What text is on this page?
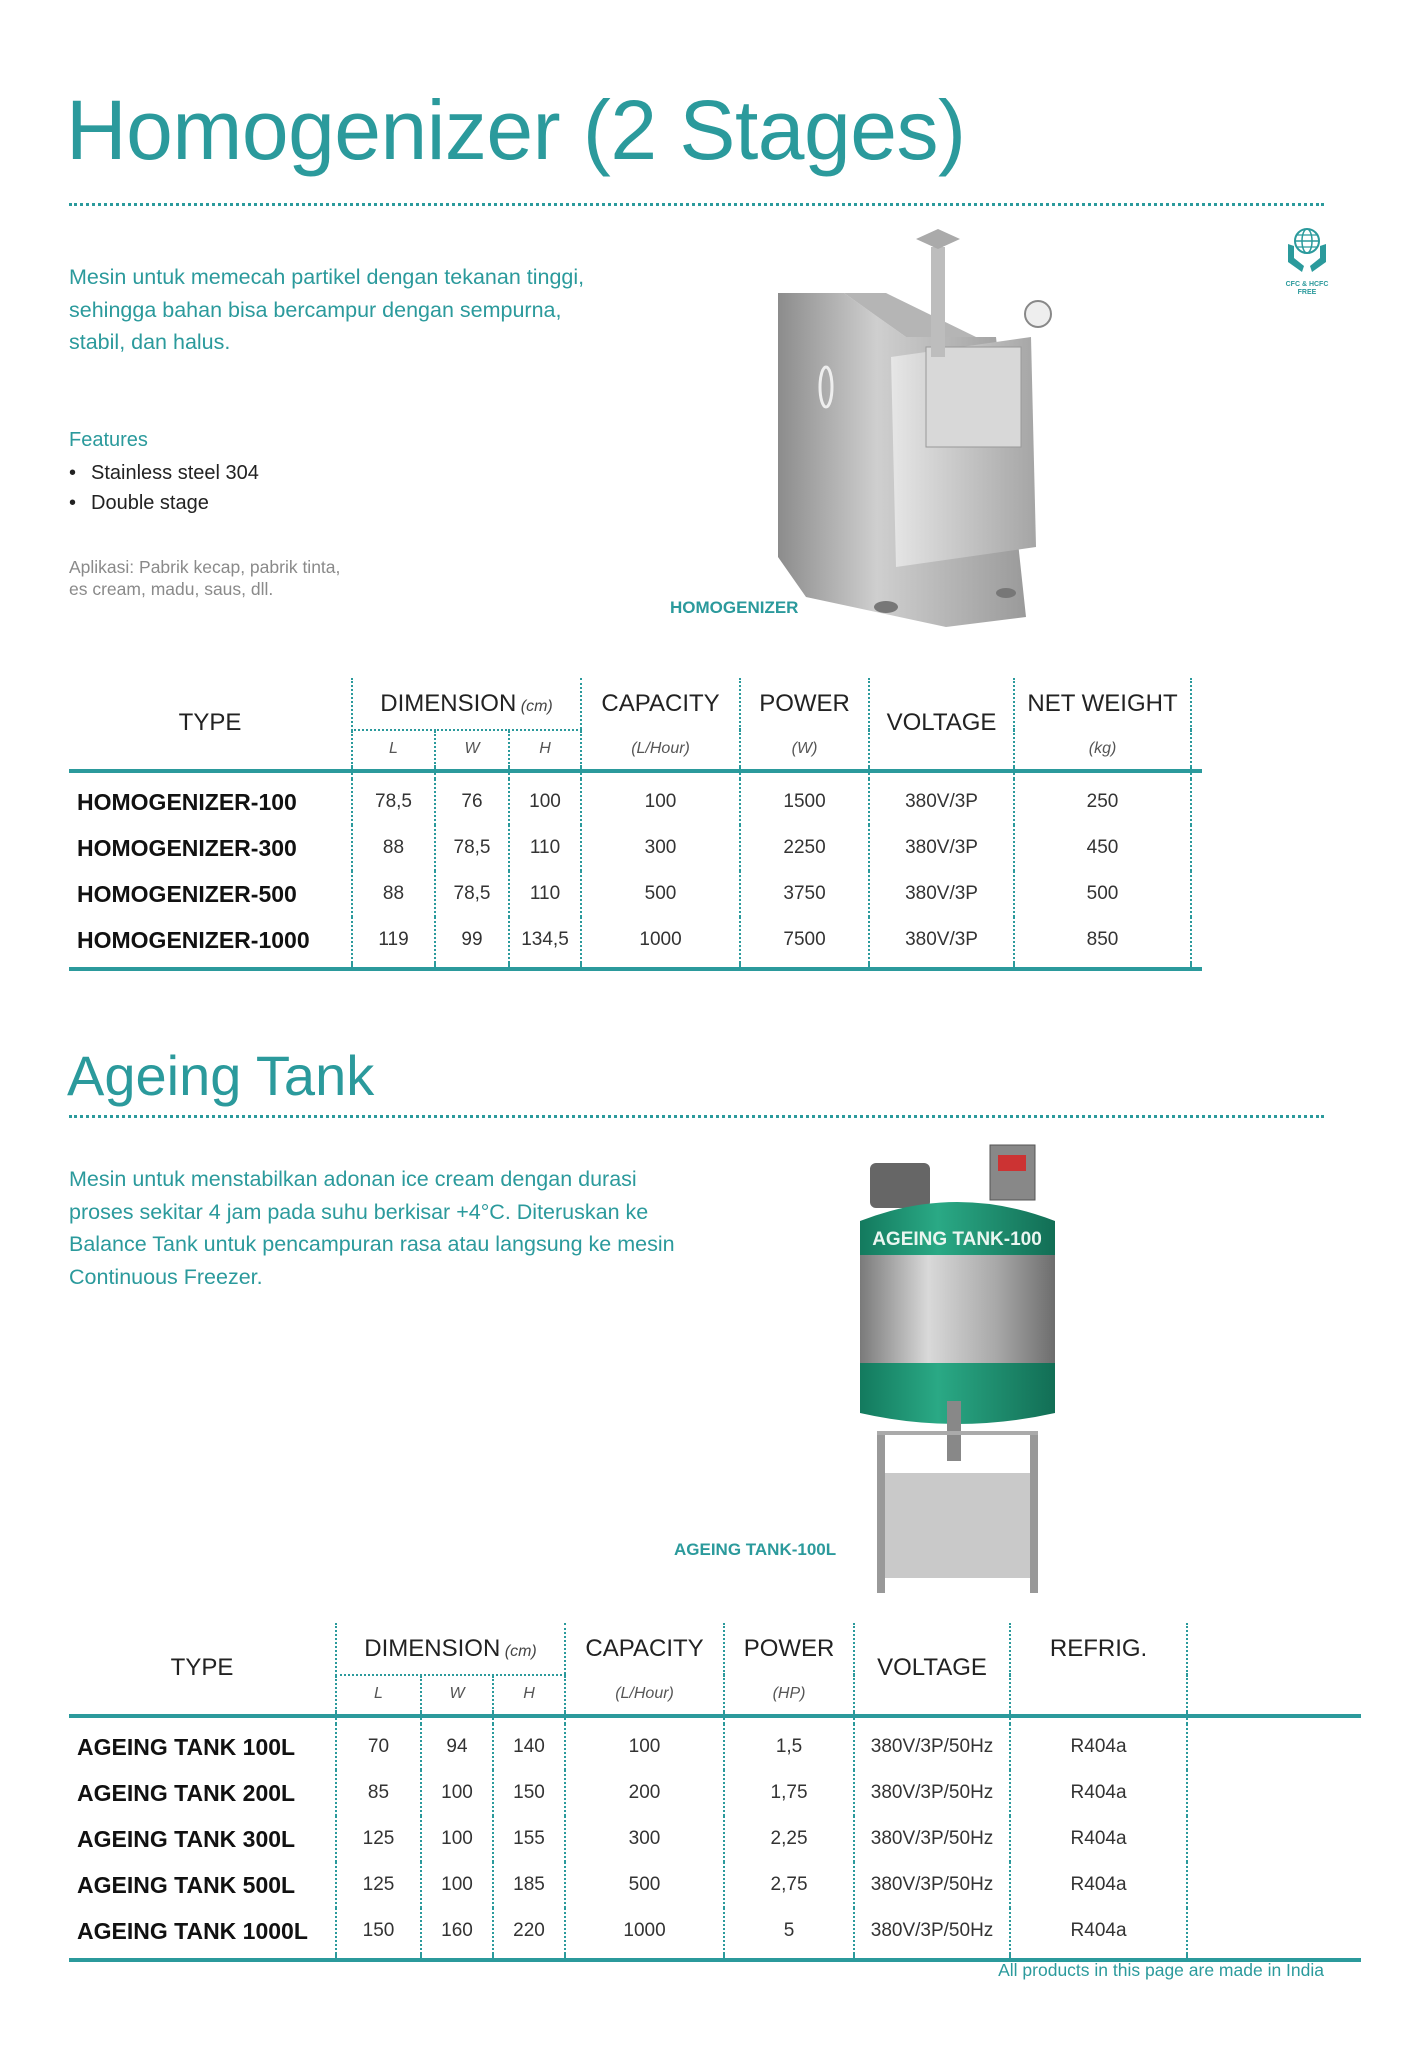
Homogenizer (2 Stages)

Mesin untuk memecah partikel dengan tekanan tinggi, sehingga bahan bisa bercampur dengan sempurna, stabil, dan halus.

Features
• Stainless steel 304
• Double stage

Aplikasi: Pabrik kecap, pabrik tinta, es cream, madu, saus, dll.

CFC & HCFC FREE
HOMOGENIZER
TYPE	DIMENSION (cm)			CAPACITY	POWER	VOLTAGE	NET WEIGHT	
	L	W	H	(L/Hour)	(W)		(kg)	

HOMOGENIZER-100	78,5	76	100	100	1500	380V/3P	250	
HOMOGENIZER-300	88	78,5	110	300	2250	380V/3P	450	
HOMOGENIZER-500	88	78,5	110	500	3750	380V/3P	500	
HOMOGENIZER-1000	119	99	134,5	1000	7500	380V/3P	850	

Ageing Tank

Mesin untuk menstabilkan adonan ice cream dengan durasi proses sekitar 4 jam pada suhu berkisar +4°C. Diteruskan ke Balance Tank untuk pencampuran rasa atau langsung ke mesin Continuous Freezer.

AGEING TANK-100
AGEING TANK-100L
TYPE	DIMENSION (cm)			CAPACITY	POWER	VOLTAGE	REFRIG.	
	L	W	H	(L/Hour)	(HP)			

AGEING TANK 100L	70	94	140	100	1,5	380V/3P/50Hz	R404a	
AGEING TANK 200L	85	100	150	200	1,75	380V/3P/50Hz	R404a	
AGEING TANK 300L	125	100	155	300	2,25	380V/3P/50Hz	R404a	
AGEING TANK 500L	125	100	185	500	2,75	380V/3P/50Hz	R404a	
AGEING TANK 1000L	150	160	220	1000	5	380V/3P/50Hz	R404a	

All products in this page are made in India
